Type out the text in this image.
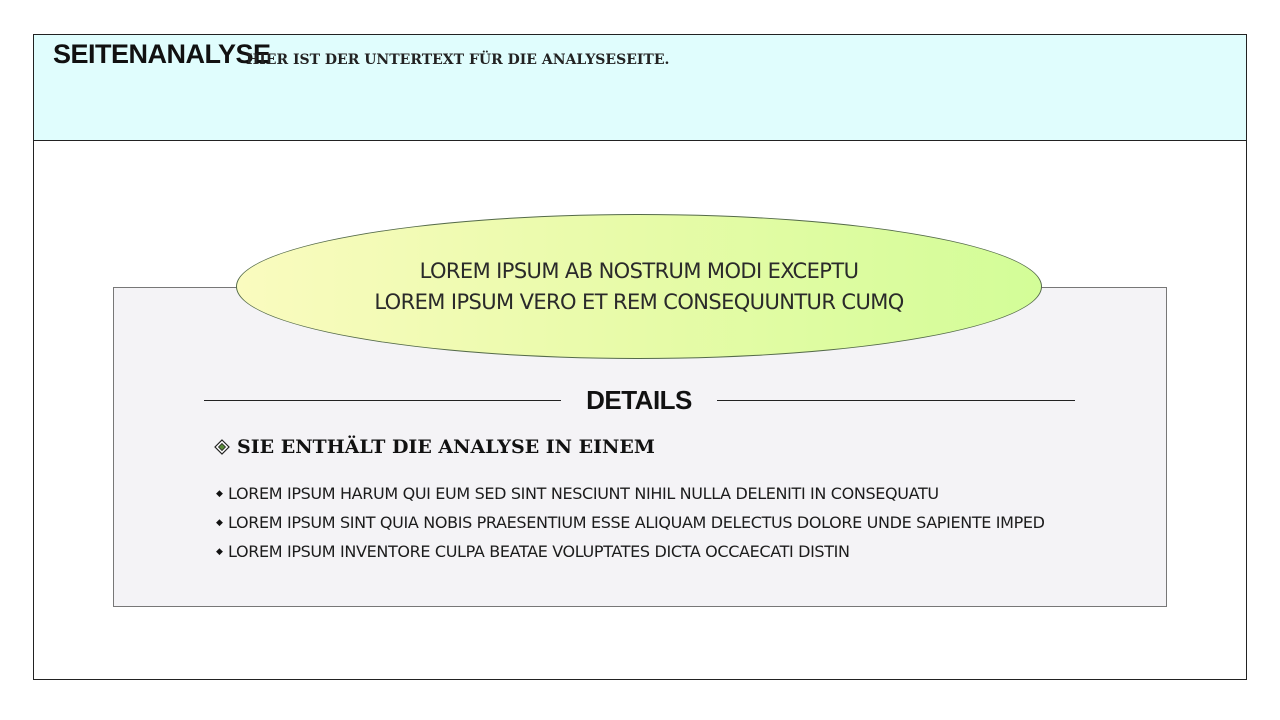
SEITENANALYSE

HIER IST DER UNTERTEXT FÜR DIE ANALYSESEITE.

LOREM IPSUM AB NOSTRUM MODI EXCEPTU
LOREM IPSUM VERO ET REM CONSEQUUNTUR CUMQ
DETAILS
SIE ENTHÄLT DIE ANALYSE IN EINEM
◆ LOREM IPSUM HARUM QUI EUM SED SINT NESCIUNT NIHIL NULLA DELENITI IN CONSEQUATU
◆ LOREM IPSUM SINT QUIA NOBIS PRAESENTIUM ESSE ALIQUAM DELECTUS DOLORE UNDE SAPIENTE IMPED
◆ LOREM IPSUM INVENTORE CULPA BEATAE VOLUPTATES DICTA OCCAECATI DISTIN
